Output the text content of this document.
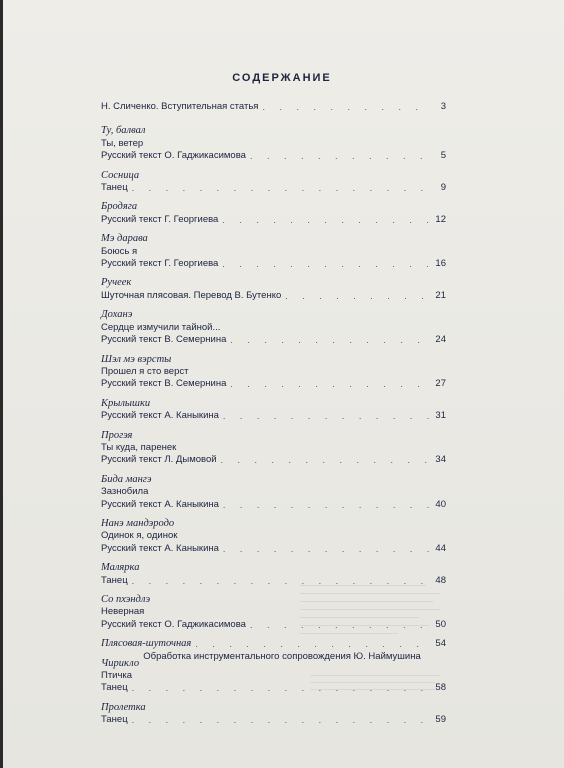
СОДЕРЖАНИЕ
Н. Сличенко. Вступительная статья . . .	3
Ту, балвал
Ты, ветер
Русский текст О. Гаджикасимова . . .	5
Сосница
Танец . . .	9
Бродяга
Русский текст Г. Георгиева . . .	12
Мэ дарава
Боюсь я
Русский текст Г. Георгиева . . .	16
Ручеек
Шуточная плясовая. Перевод В. Бутенко . . .	21
Доханэ
Сердце измучили тайной...
Русский текст В. Семернина . . .	24
Шэл мэ вэрсты
Прошел я сто верст
Русский текст В. Семернина . . .	27
Крылышки
Русский текст А. Каныкина . . .	31
Прогэя
Ты куда, паренек
Русский текст Л. Дымовой . . .	34
Бида мангэ
Зазнобила
Русский текст А. Каныкина . . .	40
Нанэ мандэродо
Одинок я, одинок
Русский текст А. Каныкина . . .	44
Малярка
Танец . . .	48
Со пхэндлэ
Неверная
Русский текст О. Гаджикасимова . . .	50
Плясовая-шуточная . . .	54
Чирикло
Птичка
Танец . . .	58
Пролетка
Танец . . .	59
Обработка инструментального сопровождения Ю. Наймушина
